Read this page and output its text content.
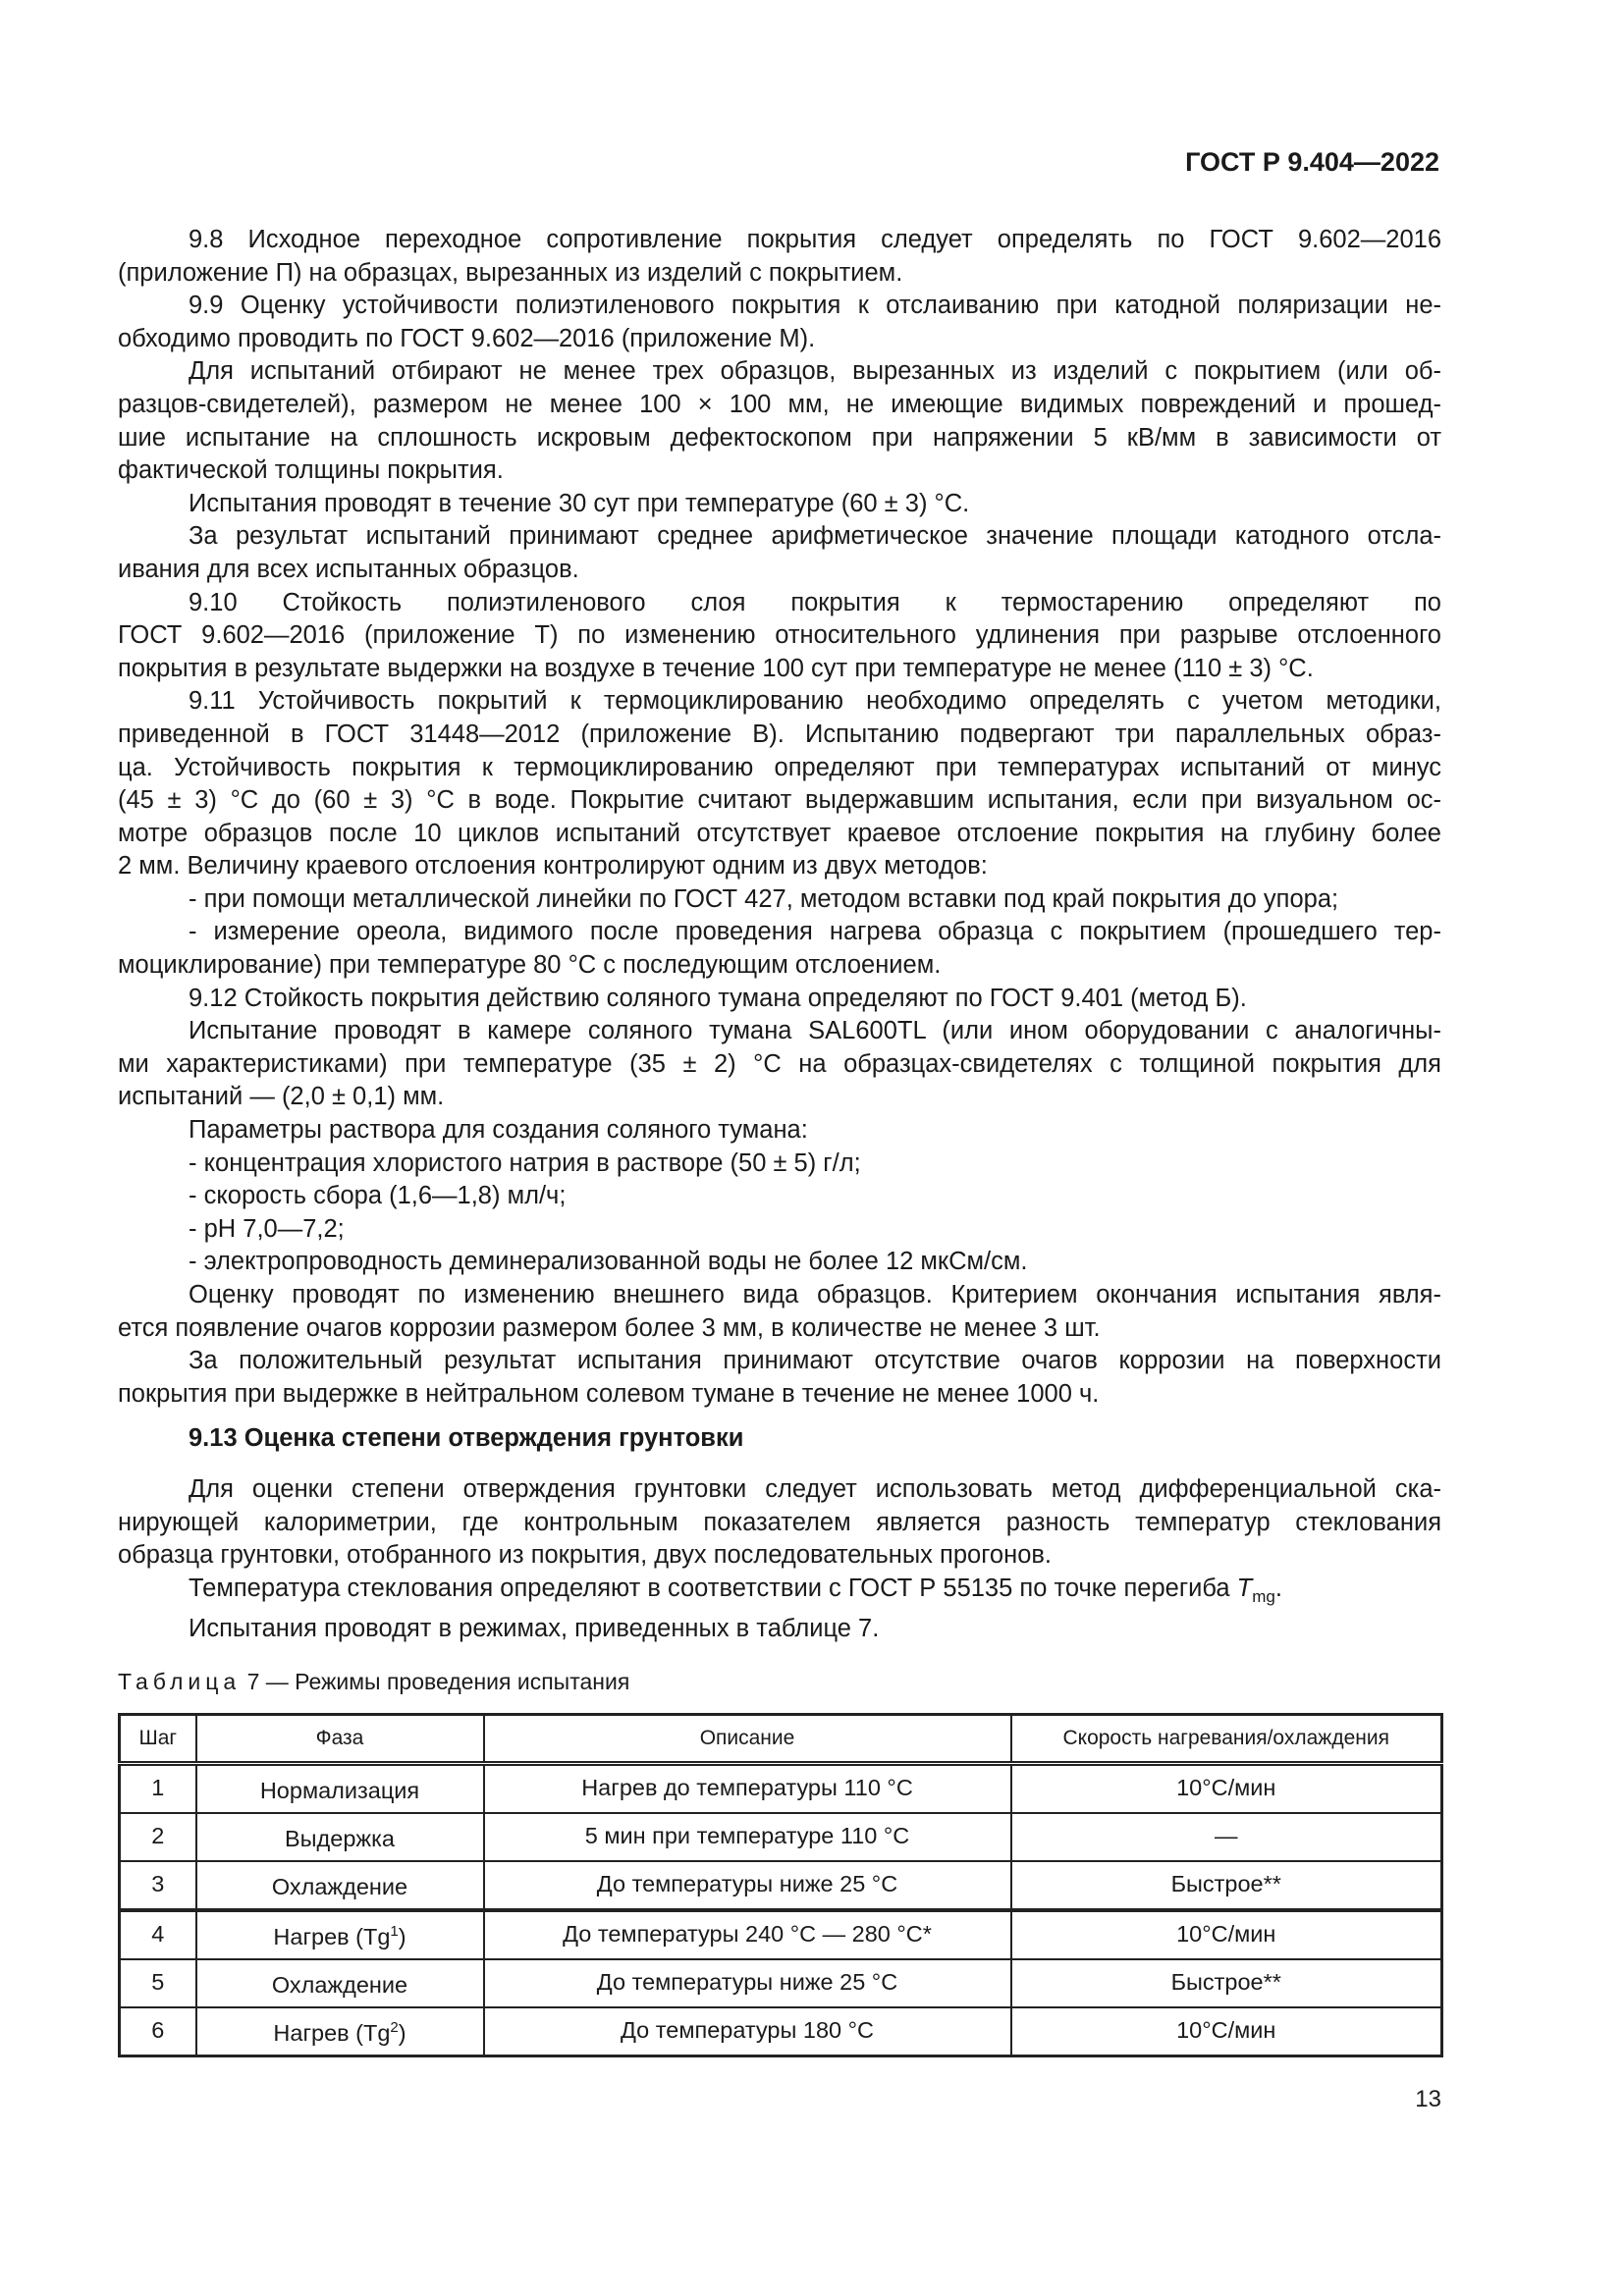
ГОСТ Р 9.404—2022
9.8 Исходное переходное сопротивление покрытия следует определять по ГОСТ 9.602—2016
(приложение П) на образцах, вырезанных из изделий с покрытием.
9.9 Оценку устойчивости полиэтиленового покрытия к отслаиванию при катодной поляризации не-
обходимо проводить по ГОСТ 9.602—2016 (приложение М).
Для испытаний отбирают не менее трех образцов, вырезанных из изделий с покрытием (или об-
разцов-свидетелей), размером не менее 100 × 100 мм, не имеющие видимых повреждений и прошед-
шие испытание на сплошность искровым дефектоскопом при напряжении 5 кВ/мм в зависимости от
фактической толщины покрытия.
Испытания проводят в течение 30 сут при температуре (60 ± 3) °С.
За результат испытаний принимают среднее арифметическое значение площади катодного отсла-
ивания для всех испытанных образцов.
9.10 Стойкость полиэтиленового слоя покрытия к термостарению определяют по
ГОСТ 9.602—2016 (приложение Т) по изменению относительного удлинения при разрыве отслоенного
покрытия в результате выдержки на воздухе в течение 100 сут при температуре не менее (110 ± 3) °С.
9.11 Устойчивость покрытий к термоциклированию необходимо определять с учетом методики,
приведенной в ГОСТ 31448—2012 (приложение В). Испытанию подвергают три параллельных образ-
ца. Устойчивость покрытия к термоциклированию определяют при температурах испытаний от минус
(45 ± 3) °С до (60 ± 3) °С в воде. Покрытие считают выдержавшим испытания, если при визуальном ос-
мотре образцов после 10 циклов испытаний отсутствует краевое отслоение покрытия на глубину более
2 мм. Величину краевого отслоения контролируют одним из двух методов:
- при помощи металлической линейки по ГОСТ 427, методом вставки под край покрытия до упора;
- измерение ореола, видимого после проведения нагрева образца с покрытием (прошедшего тер-
моциклирование) при температуре 80 °С с последующим отслоением.
9.12 Стойкость покрытия действию соляного тумана определяют по ГОСТ 9.401 (метод Б).
Испытание проводят в камере соляного тумана SAL600TL (или ином оборудовании с аналогичны-
ми характеристиками) при температуре (35 ± 2) °С на образцах-свидетелях с толщиной покрытия для
испытаний — (2,0 ± 0,1) мм.
Параметры раствора для создания соляного тумана:
- концентрация хлористого натрия в растворе (50 ± 5) г/л;
- скорость сбора (1,6—1,8) мл/ч;
- рН 7,0—7,2;
- электропроводность деминерализованной воды не более 12 мкСм/см.
Оценку проводят по изменению внешнего вида образцов. Критерием окончания испытания явля-
ется появление очагов коррозии размером более 3 мм, в количестве не менее 3 шт.
За положительный результат испытания принимают отсутствие очагов коррозии на поверхности
покрытия при выдержке в нейтральном солевом тумане в течение не менее 1000 ч.
9.13 Оценка степени отверждения грунтовки
Для оценки степени отверждения грунтовки следует использовать метод дифференциальной ска-
нирующей калориметрии, где контрольным показателем является разность температур стеклования
образца грунтовки, отобранного из покрытия, двух последовательных прогонов.
Температура стеклования определяют в соответствии с ГОСТ Р 55135 по точке перегиба $T_{mg}$.
Испытания проводят в режимах, приведенных в таблице 7.
Таблица 7 — Режимы проведения испытания
Шаг	Фаза	Описание	Скорость нагревания/охлаждения
1	Нормализация	Нагрев до температуры 110 °С	10°С/мин
2	Выдержка	5 мин при температуре 110 °С	—
3	Охлаждение	До температуры ниже 25 °С	Быстрое**
4	Нагрев (Tg$^1$)	До температуры 240 °С — 280 °С*	10°С/мин
5	Охлаждение	До температуры ниже 25 °С	Быстрое**
6	Нагрев (Tg$^2$)	До температуры 180 °С	10°С/мин
13
